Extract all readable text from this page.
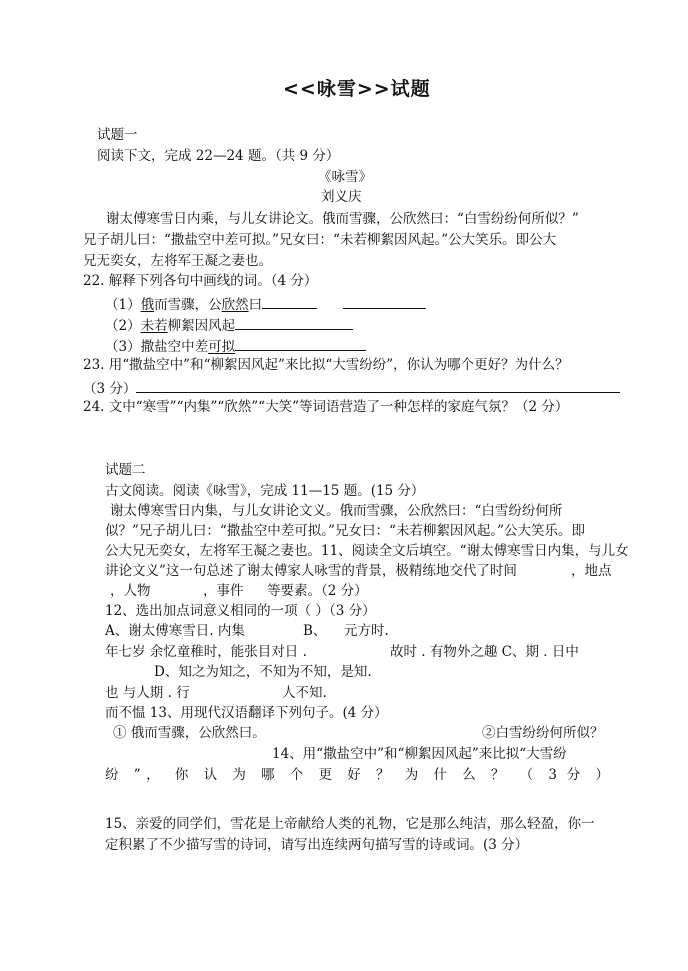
<<咏雪>>试题
试题一
阅读下文，完成 22—24 题。（共 9 分）
《咏雪》
刘义庆
谢太傅寒雪日内乘，与儿女讲论文。俄而雪骤，公欣然曰：“白雪纷纷何所似？”
兄子胡儿曰：“撒盐空中差可拟。”兄女曰：“未若柳絮因风起。”公大笑乐。即公大
兄无奕女，左将军王凝之妻也。
22. 解释下列各句中画线的词。（4 分）
（1）俄而雪骤，公欣然曰
（2）未若柳絮因风起
（3）撒盐空中差可拟
23. 用“撒盐空中”和“柳絮因风起”来比拟“大雪纷纷”，你认为哪个更好？为什么？
（3 分）
24. 文中“寒雪”“内集”“欣然”“大笑”等词语营造了一种怎样的家庭气氛？（2 分）
试题二
古文阅读。阅读《咏雪》，完成 11—15 题。(15 分）
谢太傅寒雪日内集，与儿女讲论文义。俄而雪骤，公欣然曰：“白雪纷纷何所
似？”兄子胡儿曰：“撒盐空中差可拟。”兄女曰：“未若柳絮因风起。”公大笑乐。即
公大兄无奕女，左将军王凝之妻也。11、阅读全文后填空。“谢太傅寒雪日内集，与儿女
讲论文义”这一句总述了谢太傅家人咏雪的背景，极精练地交代了时间	，地点
，人物	，事件 等要素。（2 分）
12、选出加点词意义相同的一项（ ）（3 分）
A、谢太傅寒雪日. 内集	B、 元方时.
年七岁 余忆童稚时，能张目对日 .	故时 . 有物外之趣 C、期 . 日中
D、知之为知之，不知为不知，是知.
也 与人期 . 行	人不知.
而不愠 13、用现代汉语翻译下列句子。(4 分）
① 俄而雪骤，公欣然曰。	②白雪纷纷何所似？
14、用“撒盐空中”和“柳絮因风起”来比拟“大雪纷
纷 ”， 你 认 为 哪 个 更 好 ？ 为 什 么 ？ （ 3 分 ）
15、亲爱的同学们，雪花是上帝献给人类的礼物，它是那么纯洁，那么轻盈，你一
定积累了不少描写雪的诗词，请写出连续两句描写雪的诗或词。(3 分）
